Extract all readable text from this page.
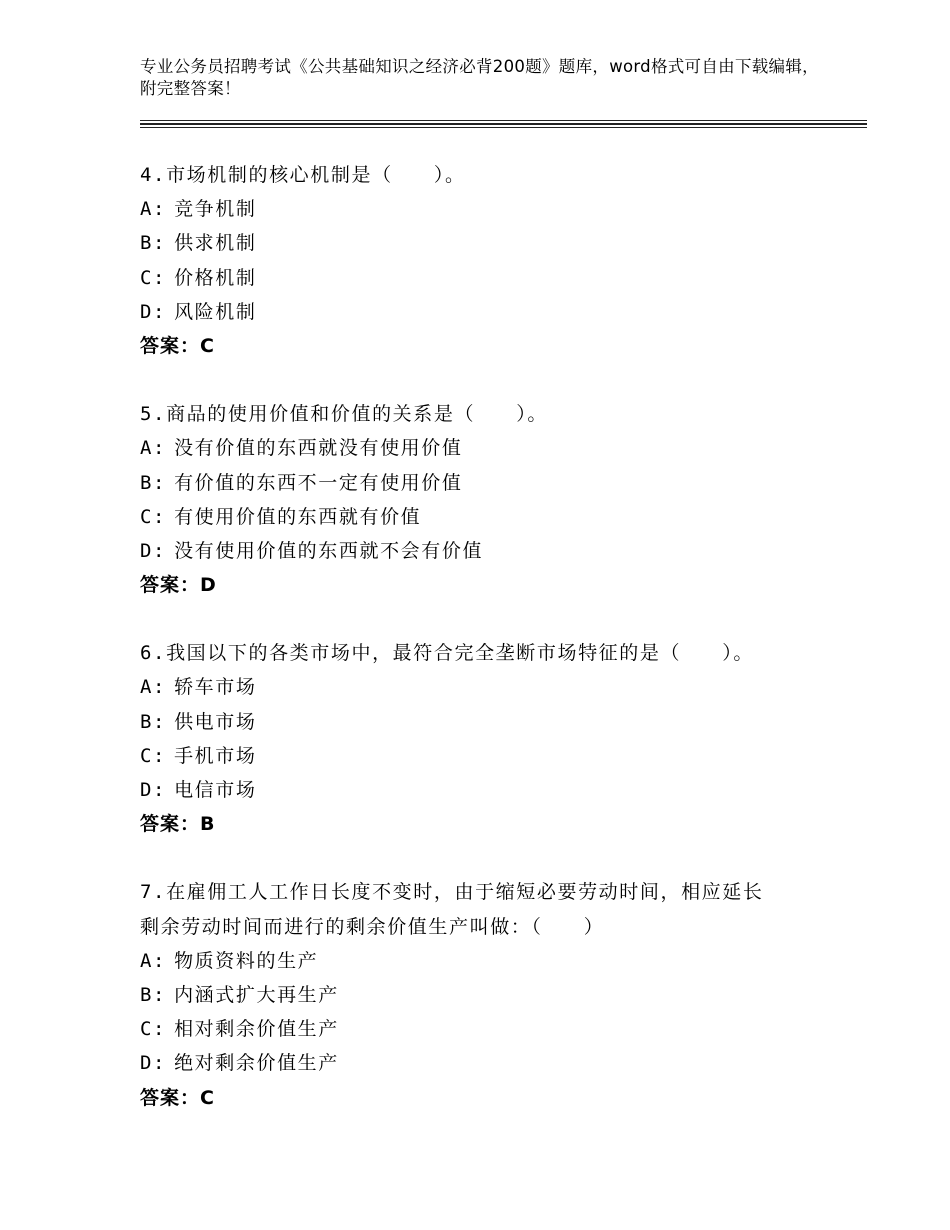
专业公务员招聘考试《公共基础知识之经济必背200题》题库，word格式可自由下载编辑，附完整答案！
4.市场机制的核心机制是（　　）。
A: 竞争机制
B: 供求机制
C: 价格机制
D: 风险机制
答案：C
5.商品的使用价值和价值的关系是（　　）。
A: 没有价值的东西就没有使用价值
B: 有价值的东西不一定有使用价值
C: 有使用价值的东西就有价值
D: 没有使用价值的东西就不会有价值
答案：D
6.我国以下的各类市场中，最符合完全垄断市场特征的是（　　）。
A: 轿车市场
B: 供电市场
C: 手机市场
D: 电信市场
答案：B
7.在雇佣工人工作日长度不变时，由于缩短必要劳动时间，相应延长
剩余劳动时间而进行的剩余价值生产叫做：（　　）
A: 物质资料的生产
B: 内涵式扩大再生产
C: 相对剩余价值生产
D: 绝对剩余价值生产
答案：C
